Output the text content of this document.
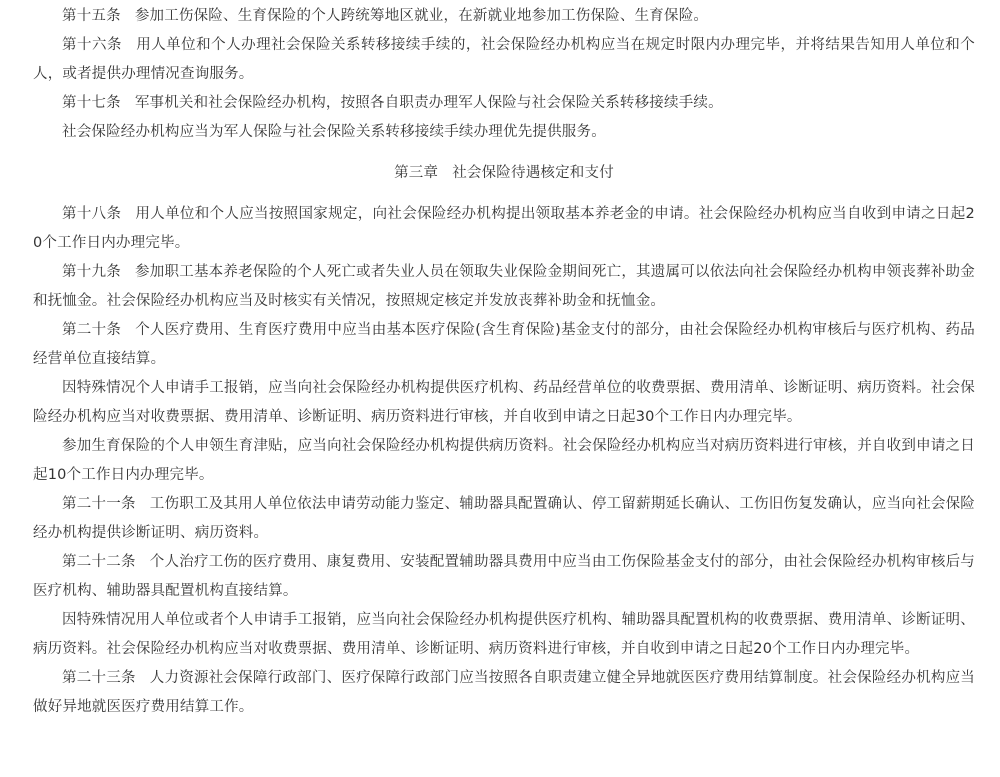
第十五条 参加工伤保险、生育保险的个人跨统筹地区就业，在新就业地参加工伤保险、生育保险。

第十六条 用人单位和个人办理社会保险关系转移接续手续的，社会保险经办机构应当在规定时限内办理完毕，并将结果告知用人单位和个人，或者提供办理情况查询服务。

第十七条 军事机关和社会保险经办机构，按照各自职责办理军人保险与社会保险关系转移接续手续。

社会保险经办机构应当为军人保险与社会保险关系转移接续手续办理优先提供服务。

第三章 社会保险待遇核定和支付

第十八条 用人单位和个人应当按照国家规定，向社会保险经办机构提出领取基本养老金的申请。社会保险经办机构应当自收到申请之日起20个工作日内办理完毕。

第十九条 参加职工基本养老保险的个人死亡或者失业人员在领取失业保险金期间死亡，其遗属可以依法向社会保险经办机构申领丧葬补助金和抚恤金。社会保险经办机构应当及时核实有关情况，按照规定核定并发放丧葬补助金和抚恤金。

第二十条 个人医疗费用、生育医疗费用中应当由基本医疗保险(含生育保险)基金支付的部分，由社会保险经办机构审核后与医疗机构、药品经营单位直接结算。

因特殊情况个人申请手工报销，应当向社会保险经办机构提供医疗机构、药品经营单位的收费票据、费用清单、诊断证明、病历资料。社会保险经办机构应当对收费票据、费用清单、诊断证明、病历资料进行审核，并自收到申请之日起30个工作日内办理完毕。

参加生育保险的个人申领生育津贴，应当向社会保险经办机构提供病历资料。社会保险经办机构应当对病历资料进行审核，并自收到申请之日起10个工作日内办理完毕。

第二十一条 工伤职工及其用人单位依法申请劳动能力鉴定、辅助器具配置确认、停工留薪期延长确认、工伤旧伤复发确认，应当向社会保险经办机构提供诊断证明、病历资料。

第二十二条 个人治疗工伤的医疗费用、康复费用、安装配置辅助器具费用中应当由工伤保险基金支付的部分，由社会保险经办机构审核后与医疗机构、辅助器具配置机构直接结算。

因特殊情况用人单位或者个人申请手工报销，应当向社会保险经办机构提供医疗机构、辅助器具配置机构的收费票据、费用清单、诊断证明、病历资料。社会保险经办机构应当对收费票据、费用清单、诊断证明、病历资料进行审核，并自收到申请之日起20个工作日内办理完毕。

第二十三条 人力资源社会保障行政部门、医疗保障行政部门应当按照各自职责建立健全异地就医医疗费用结算制度。社会保险经办机构应当做好异地就医医疗费用结算工作。
